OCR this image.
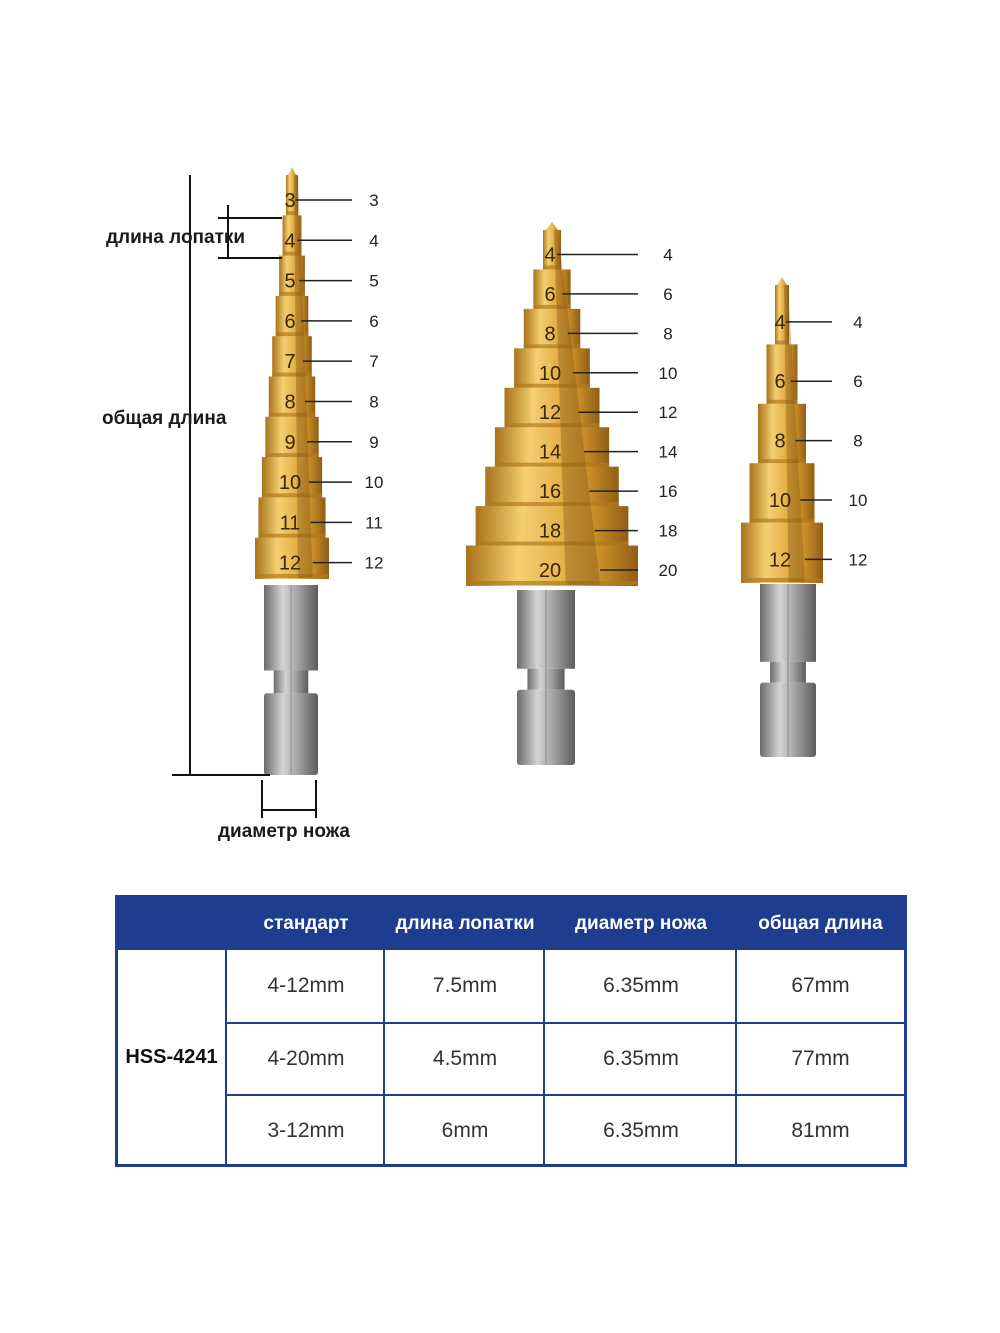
3	3
4	4
5	5
6	6
7	7
8	8
9	9
10	10
11	11
12	12
4	4
6	6
8	8
10	10
12	12
14	14
16	16
18	18
20	20
4	4
6	6
8	8
10	10
12	12
длина лопатки
общая длина
диаметр ножа
стандарт	длина лопатки	диаметр ножа	общая длина
HSS-4241
4-12mm	7.5mm	6.35mm	67mm
4-20mm	4.5mm	6.35mm	77mm
3-12mm	6mm	6.35mm	81mm
